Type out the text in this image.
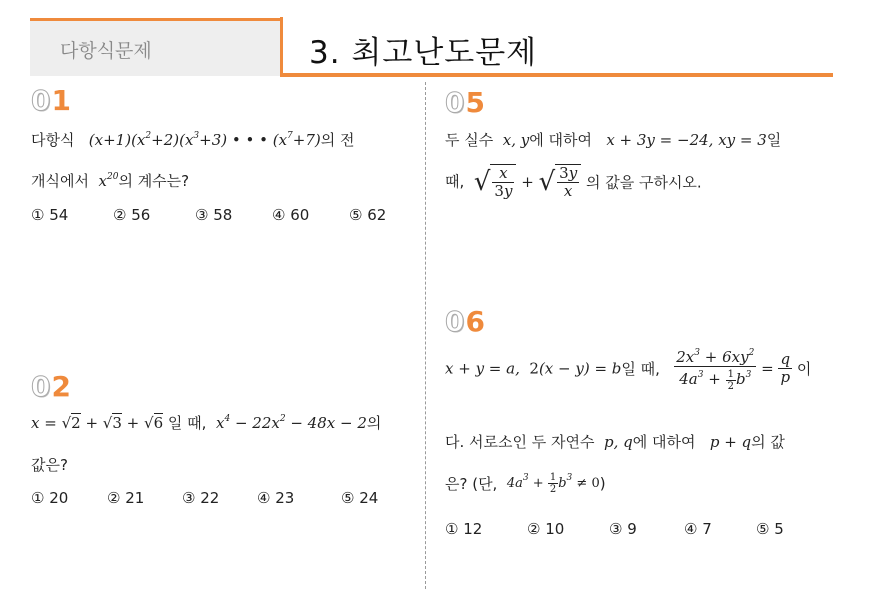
다항식문제	3. 최고난도문제
01
다항식 $(x+1)(x^2+2)(x^3+3)$ • • • $(x^7+7)$의 전
개식에서 $x^{20}$의 계수는?
① 54	② 56	③ 58	④ 60	⑤ 62
02
x = √2 + √3 + √6 일 때, $x^4 - 22x^2 - 48x - 2$의
값은?
① 20	② 21	③ 22	④ 23	⑤ 24
05
두 실수 x, y에 대하여 x + 3y = −24, xy = 3일
때, √ $\frac{x}{3y}$ + √ $\frac{3y}{x}$ 의 값을 구하시오.
06
x + y = a, 2(x − y) = b일 때, $\frac{2x^3 + 6xy^2}{4a^3 + \frac{1}{2} b^3} = \frac{q}{p}$ 이
다. 서로소인 두 자연수 p, q에 대하여 p + q의 값
은? (단, $4a^3 + \frac{1}{2} b^3 \ne 0$)
① 12	② 10	③ 9	④ 7	⑤ 5
